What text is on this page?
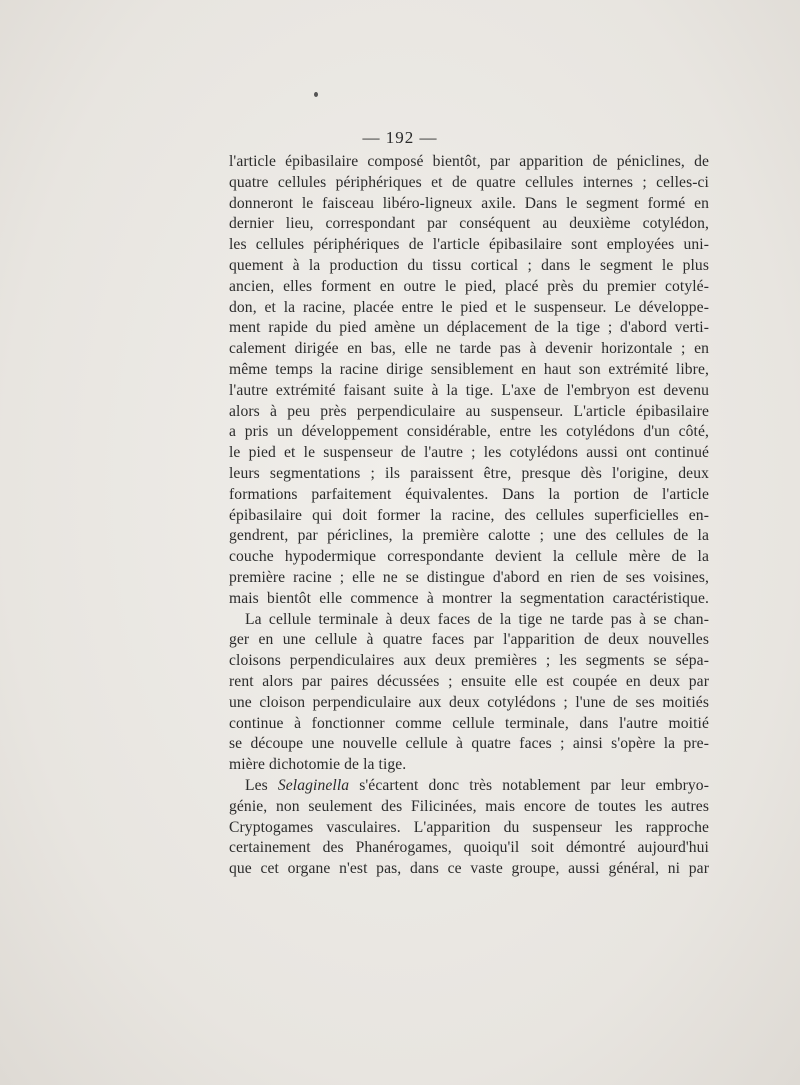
— 192 —
l'article épibasilaire composé bientôt, par apparition de péniclines, de
quatre cellules périphériques et de quatre cellules internes ; celles-ci
donneront le faisceau libéro-ligneux axile. Dans le segment formé en
dernier lieu, correspondant par conséquent au deuxième cotylédon,
les cellules périphériques de l'article épibasilaire sont employées uni-
quement à la production du tissu cortical ; dans le segment le plus
ancien, elles forment en outre le pied, placé près du premier cotylé-
don, et la racine, placée entre le pied et le suspenseur. Le développe-
ment rapide du pied amène un déplacement de la tige ; d'abord verti-
calement dirigée en bas, elle ne tarde pas à devenir horizontale ; en
même temps la racine dirige sensiblement en haut son extrémité libre,
l'autre extrémité faisant suite à la tige. L'axe de l'embryon est devenu
alors à peu près perpendiculaire au suspenseur. L'article épibasilaire
a pris un développement considérable, entre les cotylédons d'un côté,
le pied et le suspenseur de l'autre ; les cotylédons aussi ont continué
leurs segmentations ; ils paraissent être, presque dès l'origine, deux
formations parfaitement équivalentes. Dans la portion de l'article
épibasilaire qui doit former la racine, des cellules superficielles en-
gendrent, par périclines, la première calotte ; une des cellules de la
couche hypodermique correspondante devient la cellule mère de la
première racine ; elle ne se distingue d'abord en rien de ses voisines,
mais bientôt elle commence à montrer la segmentation caractéristique.
La cellule terminale à deux faces de la tige ne tarde pas à se chan-
ger en une cellule à quatre faces par l'apparition de deux nouvelles
cloisons perpendiculaires aux deux premières ; les segments se sépa-
rent alors par paires décussées ; ensuite elle est coupée en deux par
une cloison perpendiculaire aux deux cotylédons ; l'une de ses moitiés
continue à fonctionner comme cellule terminale, dans l'autre moitié
se découpe une nouvelle cellule à quatre faces ; ainsi s'opère la pre-
mière dichotomie de la tige.
Les Selaginella s'écartent donc très notablement par leur embryo-
génie, non seulement des Filicinées, mais encore de toutes les autres
Cryptogames vasculaires. L'apparition du suspenseur les rapproche
certainement des Phanérogames, quoiqu'il soit démontré aujourd'hui
que cet organe n'est pas, dans ce vaste groupe, aussi général, ni par
